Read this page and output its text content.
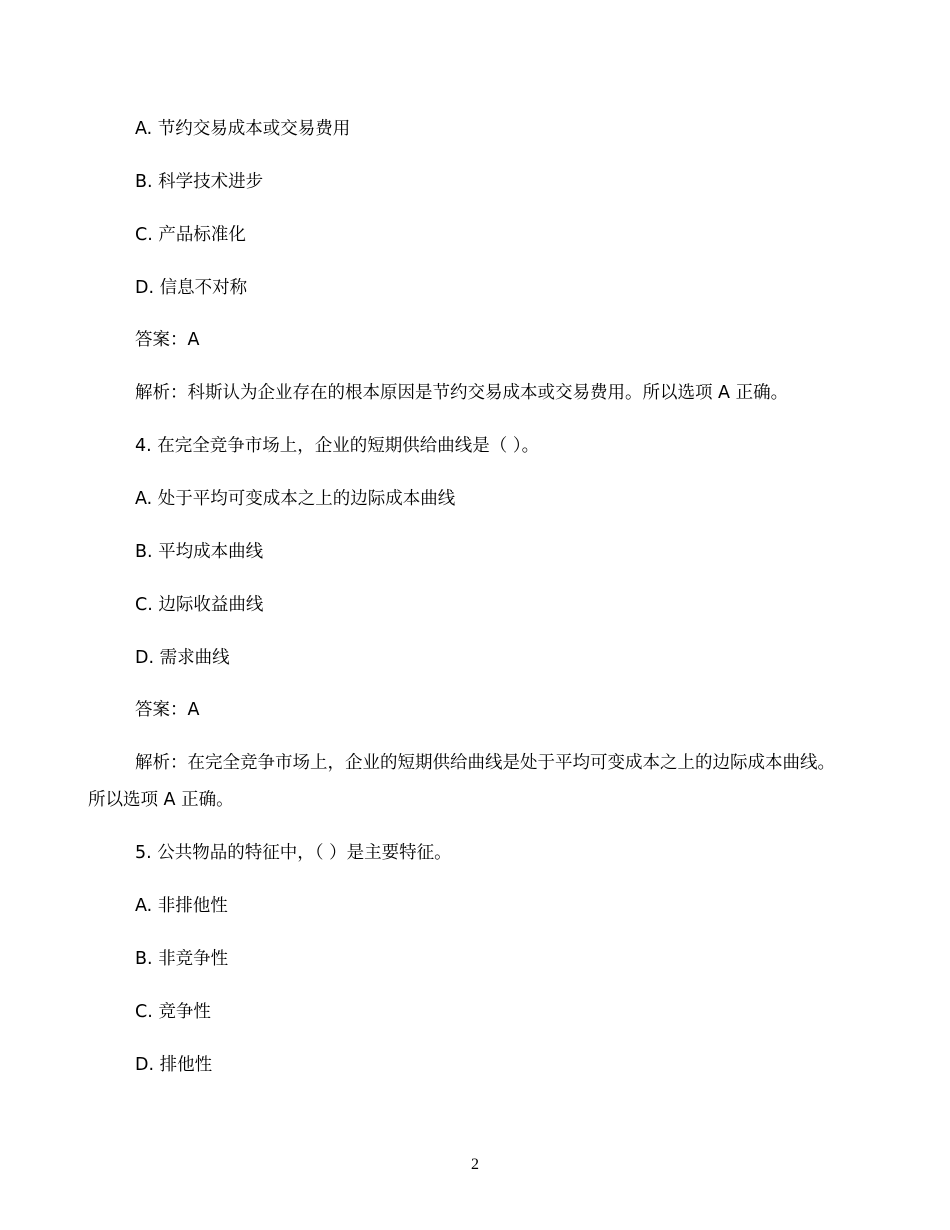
A. 节约交易成本或交易费用
B. 科学技术进步
C. 产品标准化
D. 信息不对称
答案：A
解析：科斯认为企业存在的根本原因是节约交易成本或交易费用。所以选项 A 正确。
4. 在完全竞争市场上，企业的短期供给曲线是（ ）。
A. 处于平均可变成本之上的边际成本曲线
B. 平均成本曲线
C. 边际收益曲线
D. 需求曲线
答案：A
解析：在完全竞争市场上，企业的短期供给曲线是处于平均可变成本之上的边际成本曲线。
所以选项 A 正确。
5. 公共物品的特征中，（ ）是主要特征。
A. 非排他性
B. 非竞争性
C. 竞争性
D. 排他性
2
